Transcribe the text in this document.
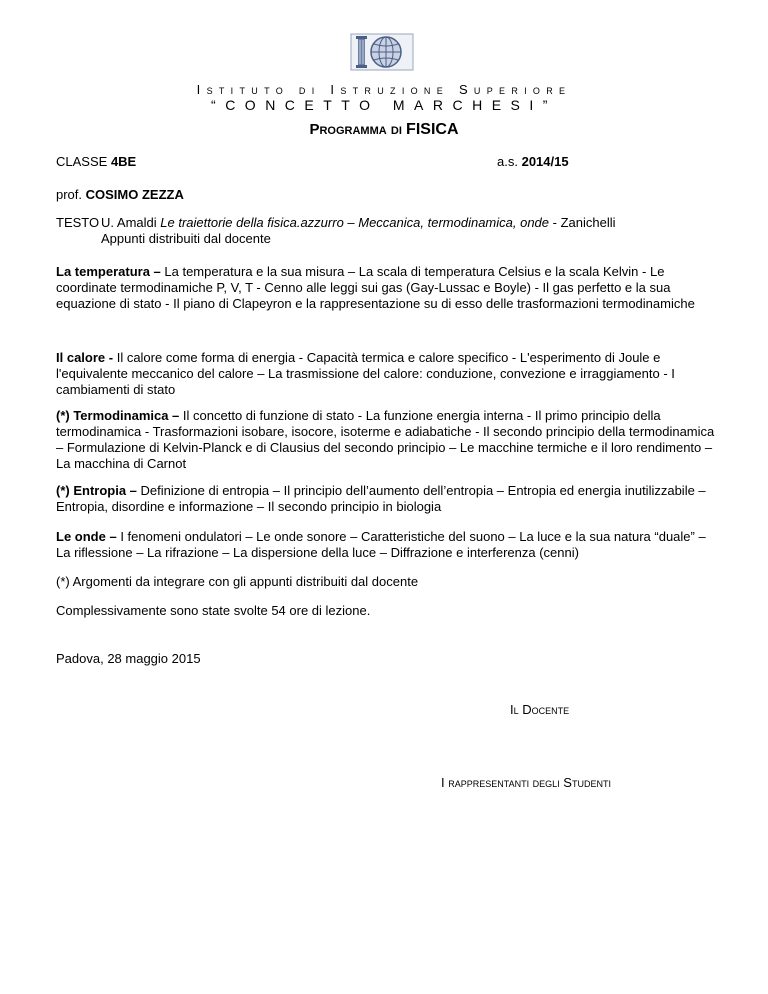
Istituto di Istruzione Superiore
“CONCETTO MARCHESI”
Programma di FISICA
CLASSE 4BE	a.s. 2014/15
prof. COSIMO ZEZZA
TESTO U. Amaldi Le traiettorie della fisica.azzurro – Meccanica, termodinamica, onde - Zanichelli
Appunti distribuiti dal docente
La temperatura – La temperatura e la sua misura – La scala di temperatura Celsius e la scala Kelvin - Le coordinate termodinamiche P, V, T - Cenno alle leggi sui gas (Gay-Lussac e Boyle) - Il gas perfetto e la sua equazione di stato - Il piano di Clapeyron e la rappresentazione su di esso delle trasformazioni termodinamiche
Il calore - Il calore come forma di energia - Capacità termica e calore specifico - L'esperimento di Joule e l'equivalente meccanico del calore – La trasmissione del calore: conduzione, convezione e irraggiamento - I cambiamenti di stato
(*) Termodinamica – Il concetto di funzione di stato - La funzione energia interna - Il primo principio della termodinamica - Trasformazioni isobare, isocore, isoterme e adiabatiche - Il secondo principio della termodinamica – Formulazione di Kelvin-Planck e di Clausius del secondo principio – Le macchine termiche e il loro rendimento – La macchina di Carnot
(*) Entropia – Definizione di entropia – Il principio dell’aumento dell’entropia – Entropia ed energia inutilizzabile – Entropia, disordine e informazione – Il secondo principio in biologia
Le onde – I fenomeni ondulatori – Le onde sonore – Caratteristiche del suono – La luce e la sua natura “duale” – La riflessione – La rifrazione – La dispersione della luce – Diffrazione e interferenza (cenni)
(*) Argomenti da integrare con gli appunti distribuiti dal docente
Complessivamente sono state svolte 54 ore di lezione.
Padova, 28 maggio 2015
Il Docente
I rappresentanti degli Studenti
